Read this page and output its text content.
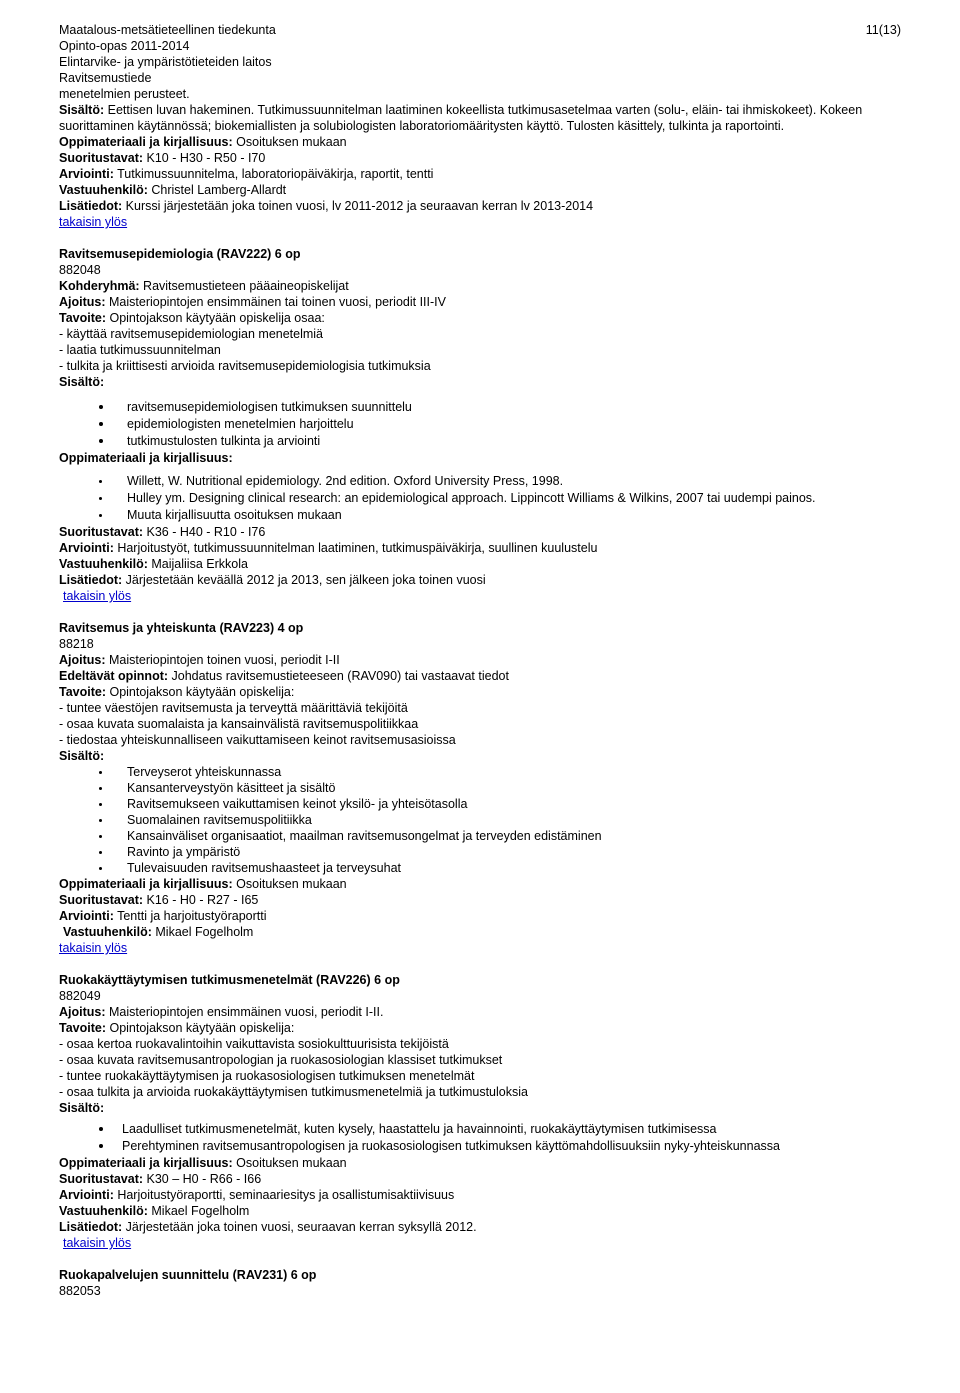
11(13)
Maatalous-metsätieteellinen tiedekunta
Opinto-opas 2011-2014
Elintarvike- ja ympäristötieteiden laitos
Ravitsemustiede
menetelmien perusteet.
Sisältö: Eettisen luvan hakeminen. Tutkimussuunnitelman laatiminen kokeellista tutkimusasetelmaa varten (solu-, eläin- tai ihmiskokeet). Kokeen suorittaminen käytännössä; biokemiallisten ja solubiologisten laboratoriomääritysten käyttö. Tulosten käsittely, tulkinta ja raportointi.
Oppimateriaali ja kirjallisuus: Osoituksen mukaan
Suoritustavat: K10 - H30 - R50 - I70
Arviointi: Tutkimussuunnitelma, laboratoriopäiväkirja, raportit, tentti
Vastuuhenkilö: Christel Lamberg-Allardt
Lisätiedot: Kurssi järjestetään joka toinen vuosi, lv 2011-2012 ja seuraavan kerran lv 2013-2014
takaisin ylös
Ravitsemusepidemiologia (RAV222) 6 op
882048
Kohderyhmä: Ravitsemustieteen pääaineopiskelijat
Ajoitus: Maisteriopintojen ensimmäinen tai toinen vuosi, periodit III-IV
Tavoite: Opintojakson käytyään opiskelija osaa:
- käyttää ravitsemusepidemiologian menetelmiä
- laatia tutkimussuunnitelman
- tulkita ja kriittisesti arvioida ravitsemusepidemiologisia tutkimuksia
Sisältö:
ravitsemusepidemiologisen tutkimuksen suunnittelu
epidemiologisten menetelmien harjoittelu
tutkimustulosten tulkinta ja arviointi
Oppimateriaali ja kirjallisuus:
Willett, W. Nutritional epidemiology. 2nd edition. Oxford University Press, 1998.
Hulley ym. Designing clinical research: an epidemiological approach. Lippincott Williams & Wilkins, 2007 tai uudempi painos.
Muuta kirjallisuutta osoituksen mukaan
Suoritustavat: K36 - H40 - R10 - I76
Arviointi: Harjoitustyöt, tutkimussuunnitelman laatiminen, tutkimuspäiväkirja, suullinen kuulustelu
Vastuuhenkilö: Maijaliisa Erkkola
Lisätiedot: Järjestetään keväällä 2012 ja 2013, sen jälkeen joka toinen vuosi
takaisin ylös
Ravitsemus ja yhteiskunta (RAV223) 4 op
88218
Ajoitus: Maisteriopintojen toinen vuosi, periodit I-II
Edeltävät opinnot: Johdatus ravitsemustieteeseen (RAV090) tai vastaavat tiedot
Tavoite: Opintojakson käytyään opiskelija:
- tuntee väestöjen ravitsemusta ja terveyttä määrittäviä tekijöitä
- osaa kuvata suomalaista ja kansainvälistä ravitsemuspolitiikkaa
- tiedostaa yhteiskunnalliseen vaikuttamiseen keinot ravitsemusasioissa
Sisältö:
Terveyserot yhteiskunnassa
Kansanterveystyön käsitteet ja sisältö
Ravitsemukseen vaikuttamisen keinot yksilö- ja yhteisötasolla
Suomalainen ravitsemuspolitiikka
Kansainväliset organisaatiot, maailman ravitsemusongelmat ja terveyden edistäminen
Ravinto ja ympäristö
Tulevaisuuden ravitsemushaasteet ja terveysuhat
Oppimateriaali ja kirjallisuus: Osoituksen mukaan
Suoritustavat: K16 - H0 - R27 - I65
Arviointi: Tentti ja harjoitustyöraportti
Vastuuhenkilö: Mikael Fogelholm
takaisin ylös
Ruokakäyttäytymisen tutkimusmenetelmät (RAV226) 6 op
882049
Ajoitus: Maisteriopintojen ensimmäinen vuosi, periodit I-II.
Tavoite: Opintojakson käytyään opiskelija:
- osaa kertoa ruokavalintoihin vaikuttavista sosiokulttuurisista tekijöistä
- osaa kuvata ravitsemusantropologian ja ruokasosiologian klassiset tutkimukset
- tuntee ruokakäyttäytymisen ja ruokasosiologisen tutkimuksen menetelmät
- osaa tulkita ja arvioida ruokakäyttäytymisen tutkimusmenetelmiä ja tutkimustuloksia
Sisältö:
Laadulliset tutkimusmenetelmät, kuten kysely, haastattelu ja havainnointi, ruokakäyttäytymisen tutkimisessa
Perehtyminen ravitsemusantropologisen ja ruokasosiologisen tutkimuksen käyttömahdollisuuksiin nyky-yhteiskunnassa
Oppimateriaali ja kirjallisuus: Osoituksen mukaan
Suoritustavat: K30 – H0 - R66 - I66
Arviointi: Harjoitustyöraportti, seminaariesitys ja osallistumisaktiivisuus
Vastuuhenkilö: Mikael Fogelholm
Lisätiedot: Järjestetään joka toinen vuosi, seuraavan kerran syksyllä 2012.
takaisin ylös
Ruokapalvelujen suunnittelu (RAV231) 6 op
882053
